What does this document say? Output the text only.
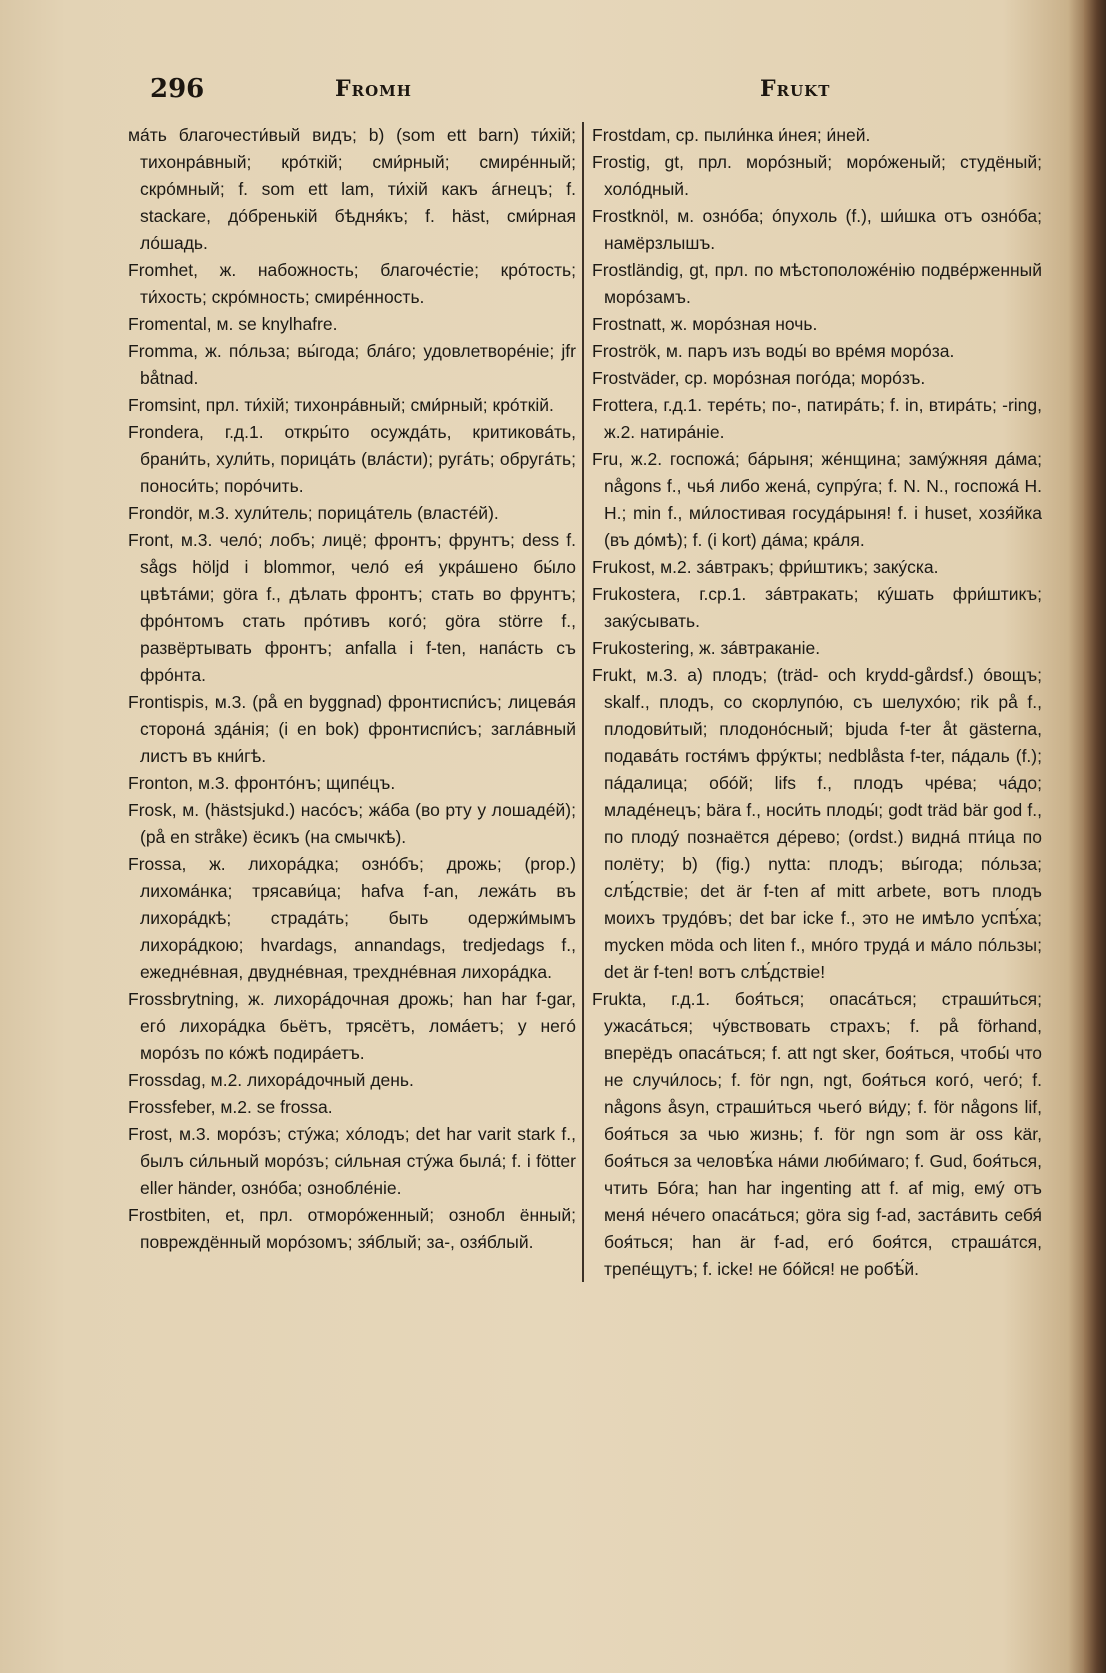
296	Fromh	Frukt

мáть благочести́вый видъ; b) (som ett barn) ти́хій; тихонрáвный; крóткій; сми́рный; смирéнный; скрóмный; f. som ett lam, ти́хій какъ áгнецъ; f. stackare, дóбренькій бѣдня́къ; f. häst, сми́рная лóшадь.

Fromhet, ж. набожность; благочéстіе; крóтость; ти́хость; скрóмность; смирéнность.

Fromental, м. se knylhafre.

Fromma, ж. пóльза; вы́года; блáго; удовлетворéніе; jfr båtnad.

Fromsint, прл. ти́хій; тихонрáвный; сми́рный; крóткій.

Frondera, г.д.1. откры́то осуждáть, критиковáть, брани́ть, хули́ть, порицáть (влáсти); ругáть; обругáть; поноси́ть; порóчить.

Frondör, м.3. хули́тель; порицáтель (властéй).

Front, м.3. челó; лобъ; лицё; фронтъ; фрунтъ; dess f. sågs höljd i blommor, челó ея́ укрáшено бы́ло цвѣтáми; göra f., дѣлать фронтъ; стать во фрунтъ; фрóнтомъ стать прóтивъ когó; göra större f., развёртывать фронтъ; anfalla i f-ten, напáсть съ фрóнта.

Frontispis, м.3. (på en byggnad) фронтиспи́съ; лицевáя сторонá здáнія; (i en bok) фронтиспи́съ; заглáвный листъ въ кни́гѣ.

Fronton, м.3. фронтóнъ; щипéцъ.

Frosk, м. (hästsjukd.) насóсъ; жáба (во рту у лошадéй); (på en stråke) ёсикъ (на смычкѣ).

Frossa, ж. лихорáдка; ознóбъ; дрожь; (prop.) лихомáнка; трясави́ца; hafva f-an, лежáть въ лихорáдкѣ; страдáть; быть одержи́мымъ лихорáдкою; hvardags, annandags, tredjedags f., ежеднéвная, двуднéвная, трехднéвная лихорáдка.

Frossbrytning, ж. лихорáдочная дрожь; han har f-gar, егó лихорáдка бьётъ, трясётъ, ломáетъ; у негó морóзъ по кóжѣ подирáетъ.

Frossdag, м.2. лихорáдочный день.

Frossfeber, м.2. se frossa.

Frost, м.3. морóзъ; стýжа; хóлодъ; det har varit stark f., былъ си́льный морóзъ; си́льная стýжа былá; f. i fötter eller händer, ознóба; озноблéніе.

Frostbiten, et, прл. отморóженный; ознобл ённый; повреждённый морóзомъ; зя́блый; за-, озя́блый.

Frostdam, ср. пыли́нка и́нея; и́ней.

Frostig, gt, прл. морóзный; морóженый; студёный; холóдный.

Frostknöl, м. ознóба; óпухоль (f.), ши́шка отъ ознóба; намёрзлышъ.

Frostländig, gt, прл. по мѣстоположéнію подвéрженный морóзамъ.

Frostnatt, ж. морóзная ночь.

Froströk, м. паръ изъ воды́ во врéмя морóза.

Frostväder, ср. морóзная погóда; морóзъ.

Frottera, г.д.1. терéть; по-, патирáть; f. in, втирáть; -ring, ж.2. натирáніе.

Fru, ж.2. госпожá; бáрыня; жéнщина; замýжняя дáма; någons f., чья́ либо женá, супрýга; f. N. N., госпожá Н. Н.; min f., ми́лостивая госудáрыня! f. i huset, хозя́йка (въ дóмѣ); f. (i kort) дáма; крáля.

Frukost, м.2. зáвтракъ; фри́штикъ; закýска.

Frukostera, г.ср.1. зáвтракать; кýшать фри́штикъ; закýсывать.

Frukostering, ж. зáвтракaніе.

Frukt, м.3. a) плодъ; (träd- och krydd-gårdsf.) óвощъ; skalf., плодъ, со скорлупóю, съ шелухóю; rik på f., плодови́тый; плодонóсный; bjuda f-ter åt gästerna, подавáть гостя́мъ фрýкты; nedblåsta f-ter, пáдаль (f.); пáдалица; обóй; lifs f., плодъ чрéва; чáдо; младéнецъ; bära f., носи́ть плоды́; godt träd bär god f., по плодý познаётся дéрево; (ordst.) виднá пти́ца по полёту; b) (fig.) nytta: плодъ; вы́года; пóльза; слѣ́дствіе; det är f-ten af mitt arbete, вотъ плодъ моихъ трудóвъ; det bar icke f., это не имѣло успѣ́ха; mycken möda och liten f., мнóго трудá и мáло пóльзы; det är f-ten! вотъ слѣ́дствіе!

Frukta, г.д.1. боя́ться; опасáться; страши́ться; ужасáться; чýвствовать страхъ; f. på förhand, вперёдъ опасáться; f. att ngt sker, боя́ться, чтобы́ что не случи́лось; f. för ngn, ngt, боя́ться когó, чегó; f. någons åsyn, страши́ться чьегó ви́ду; f. för någons lif, боя́ться за чью жизнь; f. för ngn som är oss kär, боя́ться за человѣ́ка нáми люби́маго; f. Gud, боя́ться, чтить Бóга; han har ingenting att f. af mig, емý отъ меня́ нéчего опасáться; göra sig f-ad, застáвить себя́ боя́ться; han är f-ad, егó боя́тся, страшáтся, трепéщутъ; f. icke! не бóйся! не робѣ́й.
